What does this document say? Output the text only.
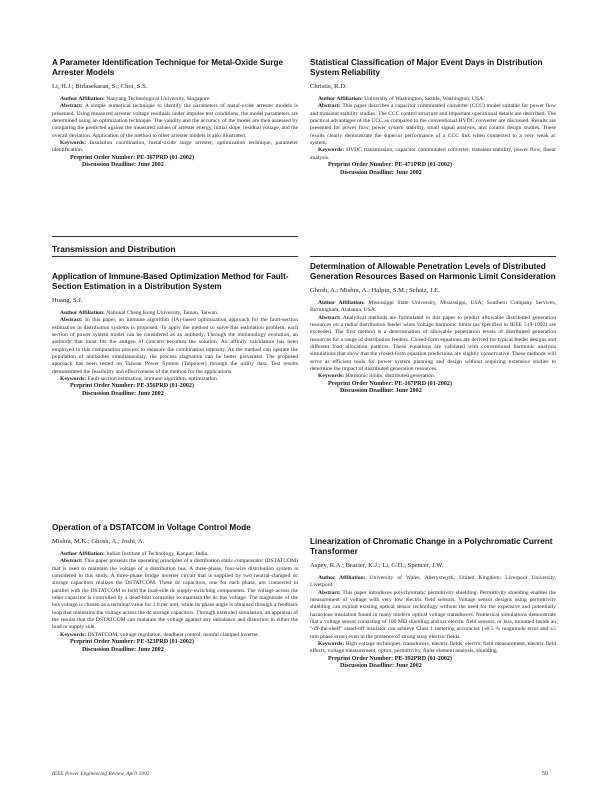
A Parameter Identification Technique for Metal-Oxide Surge Arrester Models
Li, H.J.; Birlasekaran, S.; Choi, S.S.

Author Affiliation: Nanyang Technological University, Singapore.

Abstract: A simple numerical technique to identify the parameters of metal-oxide arrester models is presented. Using measured arrester voltage residuals under impulse test conditions, the model parameters are determined using an optimization technique. The validity and the accuracy of the model are then assessed by comparing the predicted against the measured values of arrester energy, initial slope, residual voltage, and the overall deviation. Application of the method to other arrester models is also illustrated.

Keywords: Insulation coordination, metal-oxide surge arrester, optimization technique, parameter identification.

Preprint Order Number: PE-367PRD (01-2002)

Discussion Deadline: June 2002

Application of Immune-Based Optimization Method for Fault-Section Estimation in a Distribution System
Huang, S.J.

Author Affiliation: National Cheng Kung University, Tainan, Taiwan.

Abstract: In this paper, an immune algorithm (IA)-based optimization approach for the fault-section estimation in distribution systems is proposed. To apply the method to solve this estimation problem, each section of power system model can be considered as an antibody. Through the immunology evolution, an antibody that most fits the antigen of concern becomes the solution. An affinity calculation has been employed in this computation process to measure the combination intensity. As the method can operate the population of antibodies simultaneously, the process stagnation can be better prevented. The proposed approach has been tested on Taiwan Power System (Taipower) through the utility data. Test results demonstrated the feasibility and effectiveness of the method for the applications.

Keywords: Fault-section estimation, immune algorithm, optimization.

Preprint Order Number: PE-356PRD (01-2002)

Discussion Deadline: June 2002

Operation of a DSTATCOM in Voltage Control Mode
Mishra, M.K.; Ghosh, A.; Joshi, A.

Author Affiliation: Indian Institute of Technology, Kanpur, India.

Abstract: This paper presents the operating principles of a distribution static compensator (DSTATCOM) that is used to maintain the voltage of a distribution bus. A three-phase, four-wire distribution system is considered in this study. A three-phase bridge inverter circuit that is supplied by two neutral-clamped dc storage capacitors realizes the DSTATCOM. These dc capacitors, one for each phase, are connected in parallel with the DSTATCOM to hold the load-side dc supply-switching components. The voltage across the other capacitor is controlled by a dead-beat controller to maintain the dc bus voltage. The magnitude of the bus voltage is chosen as a terminal value for 1.0 per unit, while its phase angle is obtained through a feedback loop that maintains the voltage across the dc storage capacitors. Through extended simulation, an appraisal of the results that the DSTATCOM can maintain the voltage against any unbalance and distortion in either the load or supply side.

Keywords: DSTATCOM, voltage regulation, deadbeat control, neutral clamped inverter.

Preprint Order Number: PE-323PRD (01-2002)

Discussion Deadline: June 2002

Statistical Classification of Major Event Days in Distribution System Reliability
Christie, R.D.

Author Affiliation: University of Washington, Seattle, Washington, USA.

Abstract: This paper describes a capacitor commutated converter (CCC) model suitable for power flow and transient stability studies. The CCC control structure and important operational details are described. The practical advantages of the CCC as compared to the conventional HVDC converter are discussed. Results are presented for power flow, power system stability, small signal analysis, and control design studies. These results clearly demonstrate the superior performance of a CCC link when connected to a very weak ac system.

Keywords: HVDC transmission, capacitor commutated converter, transient stability, power flow, linear analysis.

Preprint Order Number: PE-471PRD (01-2002)

Discussion Deadline: June 2002

Determination of Allowable Penetration Levels of Distributed Generation Resources Based on Harmonic Limit Consideration
Ghosh, A.; Mishra, A.; Halpin, S.M.; Schatz, J.E.

Author Affiliation: Mississippi State University, Mississippi, USA; Southern Company Services, Birmingham, Alabama, USA.

Abstract: Analytical methods are formulated in this paper to predict allowable distributed generation resources on a radial distribution feeder when voltage harmonic limits (as specified in IEEE 519-1992) are exceeded. The first method is a determination of allowable penetration levels of distributed generation resources for a range of distribution feeders. Closed-form equations are derived for typical feeder designs and different load allocation patterns. These equations are validated with conventional harmonic analysis simulations that show that the closed-form equation predictions are slightly conservative. These methods will serve as efficient tools for power system planning and design without requiring extensive studies to determine the impact of distributed generation resources.

Keywords: Harmonic limits, distributed generation.

Preprint Order Number: PE-167PRD (01-2002)

Discussion Deadline: June 2002

Linearization of Chromatic Change in a Polychromatic Current Transformer
Aspey, R.A.; Brazier, K.J.; Li, G.D.; Spencer, J.W.

Author Affiliation: University of Wales, Aberystwyth, United Kingdom; Liverpool University, Liverpool.

Abstract: This paper introduces polychromatic permittivity shielding. Permittivity shielding enables the measurement of voltage with very low electric field sensors. Voltage sensor designs using permittivity shielding can exploit existing optical sensor technology without the need for the expensive and potentially hazardous insulation found in many modern optical voltage transducers. Numerical simulations demonstrate that a voltage sensor consisting of 100 MΩ shielding and six electric field sensors, or less, mounted inside an "off-the-shelf" stand-off insulator can achieve Class 1 metering accuracies (±0.5 % magnitude error and ±5 min phase error) even in the presence of strong stray electric fields.

Keywords: High voltage techniques, transducers, electric fields, electric field measurement, electric field effects, voltage measurement, optics, permittivity, finite element analysis, shielding.

Preprint Order Number: PE-392PRD (01-2002)

Discussion Deadline: June 2002

Transmission and Distribution
IEEE Power Engineering Review, April 2002	59
